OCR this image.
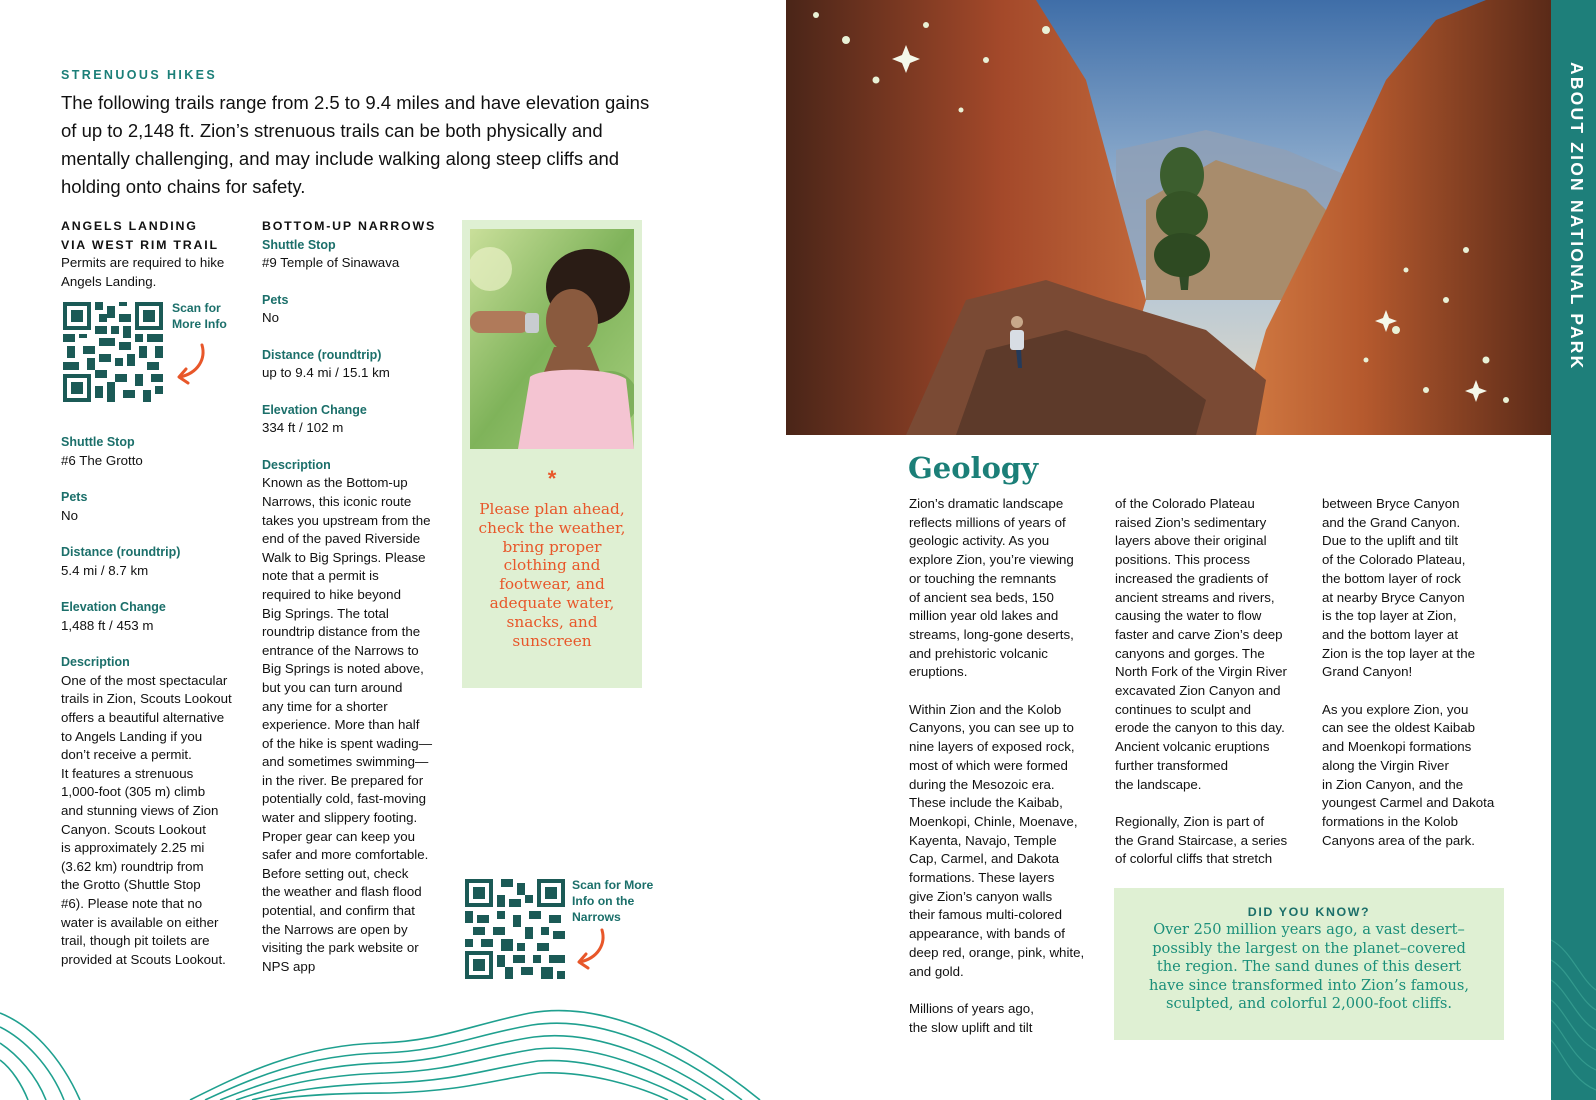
STRENUOUS HIKES

The following trails range from 2.5 to 9.4 miles and have elevation gains of up to 2,148 ft. Zion’s strenuous trails can be both physically and mentally challenging, and may include walking along steep cliffs and holding onto chains for safety.

ANGELS LANDING
VIA WEST RIM TRAIL
Permits are required to hike Angels Landing.
Scan for
More Info
Shuttle Stop
#6 The Grotto
Pets
No
Distance (roundtrip)
5.4 mi / 8.7 km
Elevation Change
1,488 ft / 453 m
Description
One of the most spectacular
trails in Zion, Scouts Lookout
offers a beautiful alternative
to Angels Landing if you
don’t receive a permit.
It features a strenuous
1,000-foot (305 m) climb
and stunning views of Zion
Canyon. Scouts Lookout
is approximately 2.25 mi
(3.62 km) roundtrip from
the Grotto (Shuttle Stop
#6). Please note that no
water is available on either
trail, though pit toilets are
provided at Scouts Lookout.
BOTTOM-UP NARROWS
Shuttle Stop
#9 Temple of Sinawava
Pets
No
Distance (roundtrip)
up to 9.4 mi / 15.1 km
Elevation Change
334 ft / 102 m
Description
Known as the Bottom-up
Narrows, this iconic route
takes you upstream from the
end of the paved Riverside
Walk to Big Springs. Please
note that a permit is
required to hike beyond
Big Springs. The total
roundtrip distance from the
entrance of the Narrows to
Big Springs is noted above,
but you can turn around
any time for a shorter
experience. More than half
of the hike is spent wading—
and sometimes swimming—
in the river. Be prepared for
potentially cold, fast-moving
water and slippery footing.
Proper gear can keep you
safer and more comfortable.
Before setting out, check
the weather and flash flood
potential, and confirm that
the Narrows are open by
visiting the park website or
NPS app
Scan for More
Info on the
Narrows
*
Please plan ahead, check the weather, bring proper clothing and footwear, and adequate water, snacks, and sunscreen
ABOUT ZION NATIONAL PARK
Geology
Zion’s dramatic landscape
reflects millions of years of
geologic activity. As you
explore Zion, you’re viewing
or touching the remnants
of ancient sea beds, 150
million year old lakes and
streams, long-gone deserts,
and prehistoric volcanic
eruptions.

Within Zion and the Kolob
Canyons, you can see up to
nine layers of exposed rock,
most of which were formed
during the Mesozoic era.
These include the Kaibab,
Moenkopi, Chinle, Moenave,
Kayenta, Navajo, Temple
Cap, Carmel, and Dakota
formations. These layers
give Zion’s canyon walls
their famous multi-colored
appearance, with bands of
deep red, orange, pink, white,
and gold.

Millions of years ago,
the slow uplift and tilt
of the Colorado Plateau
raised Zion’s sedimentary
layers above their original
positions. This process
increased the gradients of
ancient streams and rivers,
causing the water to flow
faster and carve Zion’s deep
canyons and gorges. The
North Fork of the Virgin River
excavated Zion Canyon and
continues to sculpt and
erode the canyon to this day.
Ancient volcanic eruptions
further transformed
the landscape.

Regionally, Zion is part of
the Grand Staircase, a series
of colorful cliffs that stretch
between Bryce Canyon
and the Grand Canyon.
Due to the uplift and tilt
of the Colorado Plateau,
the bottom layer of rock
at nearby Bryce Canyon
is the top layer at Zion,
and the bottom layer at
Zion is the top layer at the
Grand Canyon!

As you explore Zion, you
can see the oldest Kaibab
and Moenkopi formations
along the Virgin River
in Zion Canyon, and the
youngest Carmel and Dakota
formations in the Kolob
Canyons area of the park.
DID YOU KNOW?
Over 250 million years ago, a vast desert–possibly the largest on the planet–covered the region. The sand dunes of this desert have since transformed into Zion’s famous, sculpted, and colorful 2,000-foot cliffs.
